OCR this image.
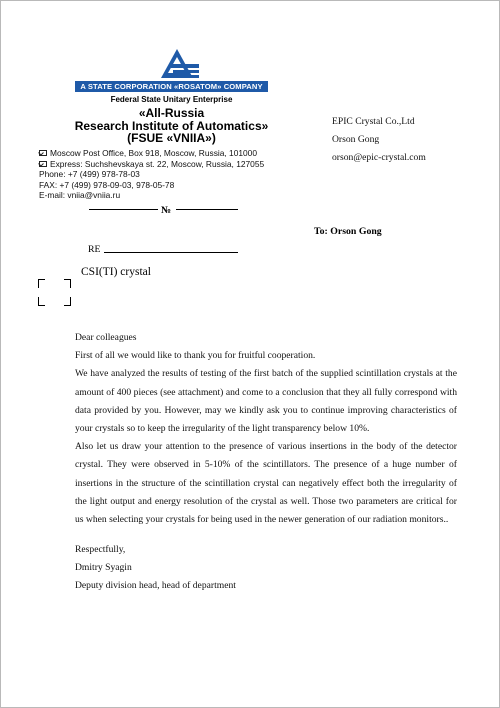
A STATE CORPORATION «ROSATOM» COMPANY
Federal State Unitary Enterprise
«All-Russia
Research Institute of Automatics»
(FSUE «VNIIA»)
Moscow Post Office, Box 918, Moscow, Russia, 101000
Express: Suchshevskaya st. 22, Moscow, Russia, 127055
Phone: +7 (499) 978-78-03
FAX: +7 (499) 978-09-03, 978-05-78
E-mail: vniia@vniia.ru
EPIC Crystal Co.,Ltd
Orson Gong
orson@epic-crystal.com
№
To: Orson Gong
RE
CSI(TI) crystal

Dear colleagues

First of all we would like to thank you for fruitful cooperation.

We have analyzed the results of testing of the first batch of the supplied scintillation crystals at the amount of 400 pieces (see attachment) and come to a conclusion that they all fully correspond with data provided by you. However, may we kindly ask you to continue improving characteristics of your crystals so to keep the irregularity of the light transparency below 10%.

Also let us draw your attention to the presence of various insertions in the body of the detector crystal. They were observed in 5-10% of the scintillators. The presence of a huge number of insertions in the structure of the scintillation crystal can negatively effect both the irregularity of the light output and energy resolution of the crystal as well. Those two parameters are critical for us when selecting your crystals for being used in the newer generation of our radiation monitors..

Respectfully,
Dmitry Syagin
Deputy division head, head of department
